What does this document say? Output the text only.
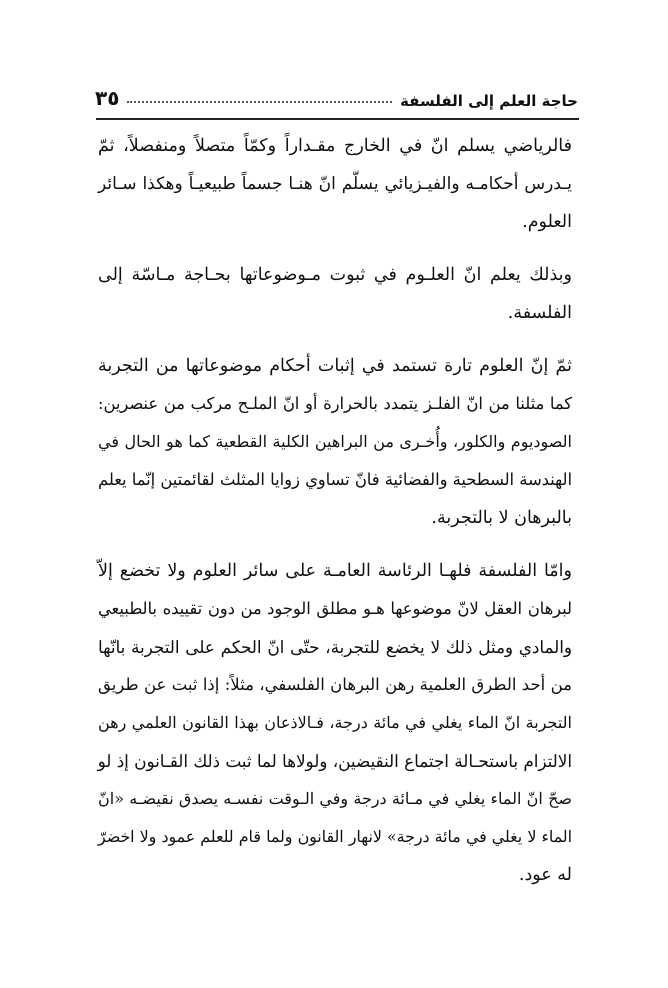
حاجة العلم إلى الفلسفة
٣٥
فالرياضي يسلم انّ في الخارج مقـداراً وكمّاً متصلاً ومنفصلاً، ثمّ
يـدرس أحكامـه والفيـزيائي يسلّم انّ هنـا جسماً طبيعيـاً وهكذا سـائر
العلوم.
وبذلك يعلم انّ العلـوم في ثبوت مـوضوعاتها بحـاجة مـاسّة إلى
الفلسفة.
ثمّ إنّ العلوم تارة تستمد في إثبات أحكام موضوعاتها من التجربة
كما مثلنا من انّ الفلـز يتمدد بالحرارة أو انّ الملـح مركب من عنصرين:
الصوديوم والكلور، وأُخـرى من البراهين الكلية القطعية كما هو الحال في
الهندسة السطحية والفضائية فانّ تساوي زوايا المثلث لقائمتين إنّما يعلم
بالبرهان لا بالتجربة.
وامّا الفلسفة فلهـا الرئاسة العامـة على سائر العلوم ولا تخضع إلاّ
لبرهان العقل لانّ موضوعها هـو مطلق الوجود من دون تقييده بالطبيعي
والمادي ومثل ذلك لا يخضع للتجربة، حتّى انّ الحكم على التجربة بانّها
من أحد الطرق العلمية رهن البرهان الفلسفي، مثلاً: إذا ثبت عن طريق
التجربة انّ الماء يغلي في مائة درجة، فـالاذعان بهذا القانون العلمي رهن
الالتزام باستحـالة اجتماع النقيضين، ولولاها لما ثبت ذلك القـانون إذ لو
صحّ انّ الماء يغلي في مـائة درجة وفي الـوقت نفسـه يصدق نقيضـه «انّ
الماء لا يغلي في مائة درجة» لانهار القانون ولما قام للعلم عمود ولا اخضرّ
له عود.
